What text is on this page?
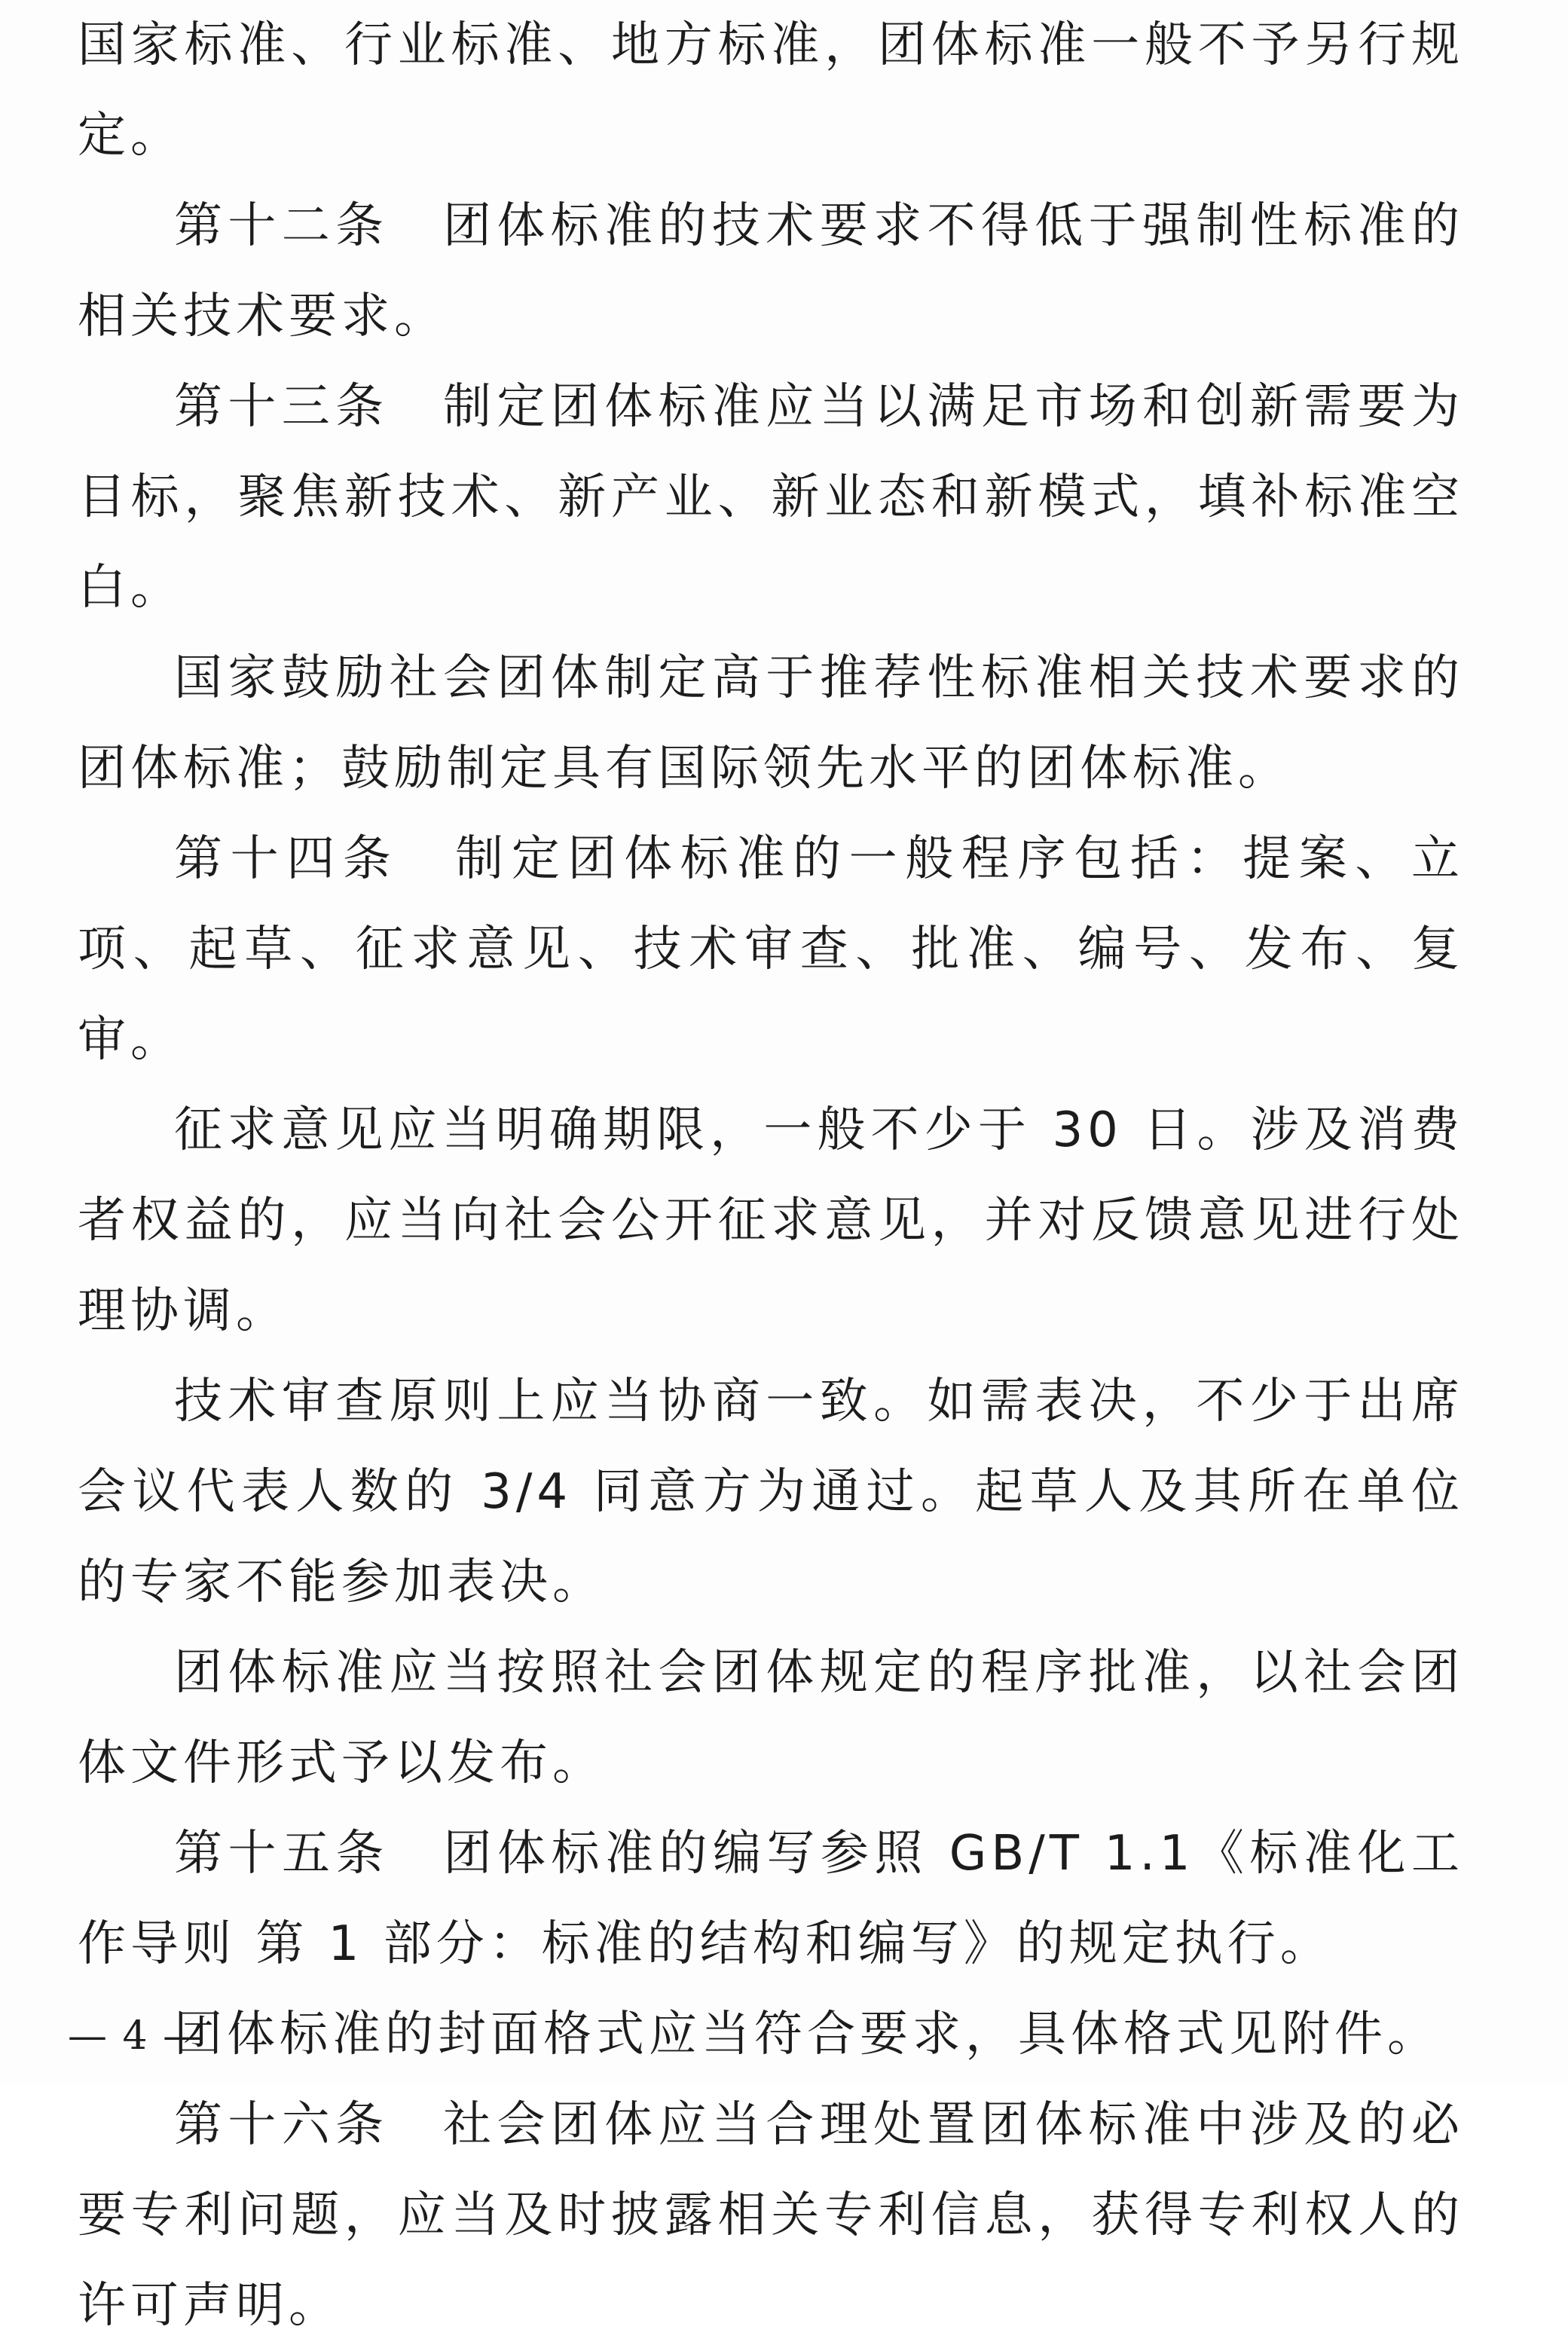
国家标准、行业标准、地方标准，团体标准一般不予另行规定。

第十二条　团体标准的技术要求不得低于强制性标准的相关技术要求。

第十三条　制定团体标准应当以满足市场和创新需要为目标，聚焦新技术、新产业、新业态和新模式，填补标准空白。

国家鼓励社会团体制定高于推荐性标准相关技术要求的团体标准；鼓励制定具有国际领先水平的团体标准。

第十四条　制定团体标准的一般程序包括：提案、立项、起草、征求意见、技术审查、批准、编号、发布、复审。

征求意见应当明确期限，一般不少于 30 日。涉及消费者权益的，应当向社会公开征求意见，并对反馈意见进行处理协调。

技术审查原则上应当协商一致。如需表决，不少于出席会议代表人数的 3/4 同意方为通过。起草人及其所在单位的专家不能参加表决。

团体标准应当按照社会团体规定的程序批准，以社会团体文件形式予以发布。

第十五条　团体标准的编写参照 GB/T 1.1《标准化工作导则 第 1 部分：标准的结构和编写》的规定执行。

团体标准的封面格式应当符合要求，具体格式见附件。

第十六条　社会团体应当合理处置团体标准中涉及的必要专利问题，应当及时披露相关专利信息，获得专利权人的许可声明。

— 4 —
